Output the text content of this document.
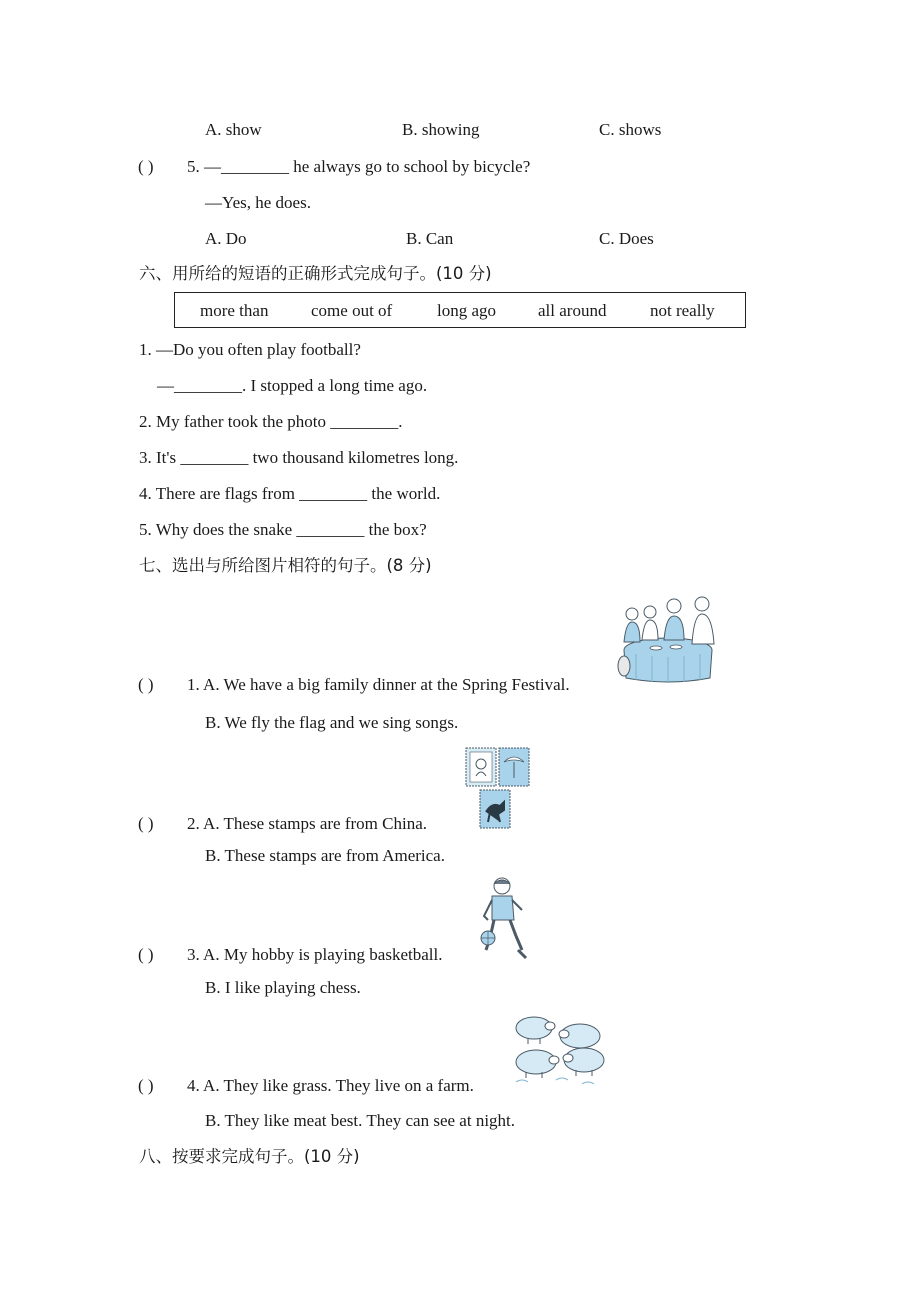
A. show	B. showing	C. shows
( ) 5. —________ he always go to school by bicycle?
—Yes, he does.
A. Do	B. Can	C. Does
六、用所给的短语的正确形式完成句子。(10 分)
more than	come out of	long ago all around	not really
1. —Do you often play football?
—________. I stopped a long time ago.
2. My father took the photo ________.
3. It's ________ two thousand kilometres long.
4. There are flags from ________ the world.
5. Why does the snake ________ the box?
七、选出与所给图片相符的句子。(8 分)
( ) 1. A. We have a big family dinner at the Spring Festival.
B. We fly the flag and we sing songs.
( ) 2. A. These stamps are from China.
B. These stamps are from America.
( ) 3. A. My hobby is playing basketball.
B. I like playing chess.
( ) 4. A. They like grass. They live on a farm.
B. They like meat best. They can see at night.
八、按要求完成句子。(10 分)
